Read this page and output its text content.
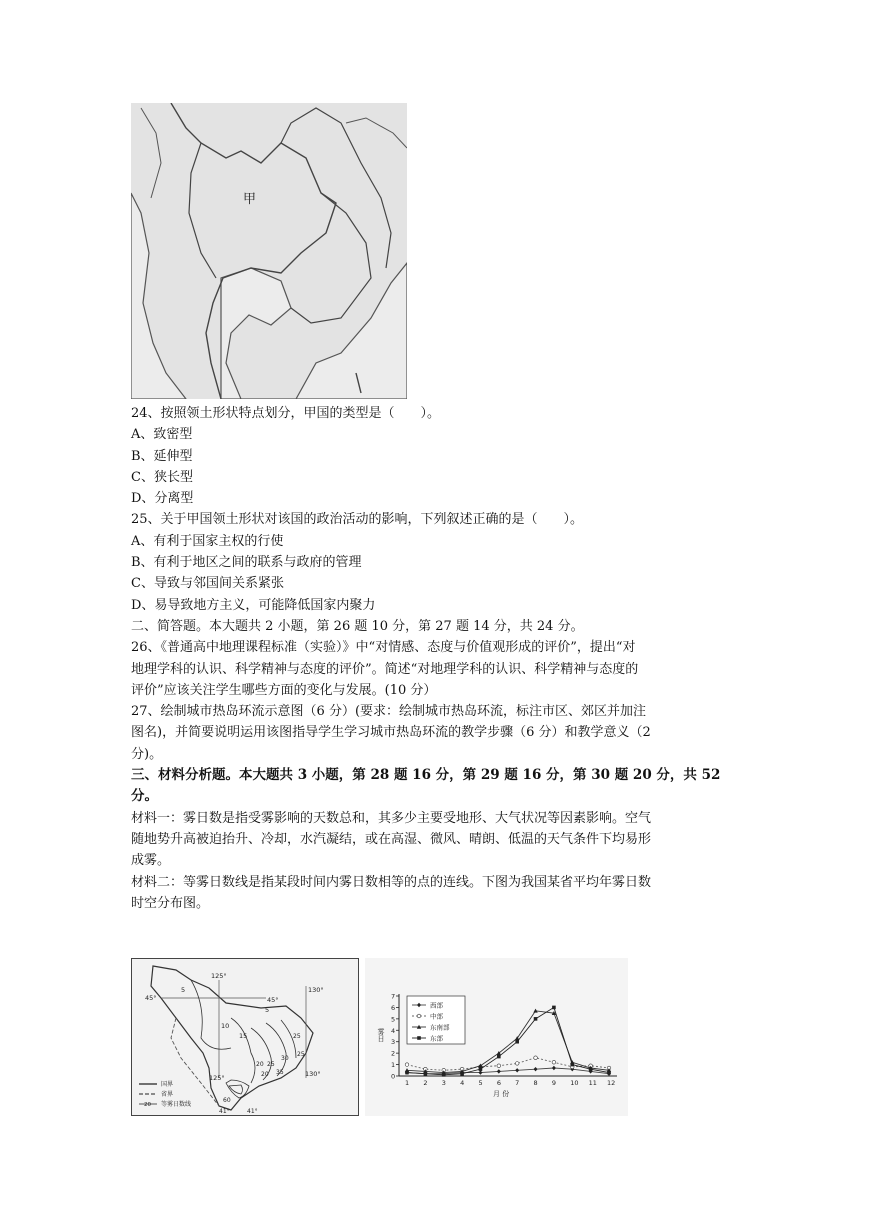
甲

24、按照领土形状特点划分，甲国的类型是（　　）。

A、致密型

B、延伸型

C、狭长型

D、分离型

25、关于甲国领土形状对该国的政治活动的影响，下列叙述正确的是（　　）。

A、有利于国家主权的行使

B、有利于地区之间的联系与政府的管理

C、导致与邻国间关系紧张

D、易导致地方主义，可能降低国家内聚力

二、简答题。本大题共 2 小题，第 26 题 10 分，第 27 题 14 分，共 24 分。

26、《普通高中地理课程标准（实验）》中“对情感、态度与价值观形成的评价”，提出“对

地理学科的认识、科学精神与态度的评价”。简述“对地理学科的认识、科学精神与态度的

评价”应该关注学生哪些方面的变化与发展。(10 分）

27、绘制城市热岛环流示意图（6 分）(要求：绘制城市热岛环流，标注市区、郊区并加注

图名)，并简要说明运用该图指导学生学习城市热岛环流的教学步骤（6 分）和教学意义（2

分)。

三、材料分析题。本大题共 3 小题，第 28 题 16 分，第 29 题 16 分，第 30 题 20 分，共 52

分。

材料一：雾日数是指受雾影响的天数总和，其多少主要受地形、大气状况等因素影响。空气

随地势升高被迫抬升、冷却，水汽凝结，或在高湿、微风、晴朗、低温的天气条件下均易形

成雾。

材料二：等雾日数线是指某段时间内雾日数相等的点的连线。下图为我国某省平均年雾日数

时空分布图。

125°
45°	45°
130°
125°	130°
41°	41°
5
5
10
15
20 25
30
20 35
25
60
25
国界
省界
20 等雾日数线
雾日
月 份
0
1
2
3
4
5
6
7
1 2 3 4 5 6 7 8 9 10 11 12
西部
中部
东南部
东部
